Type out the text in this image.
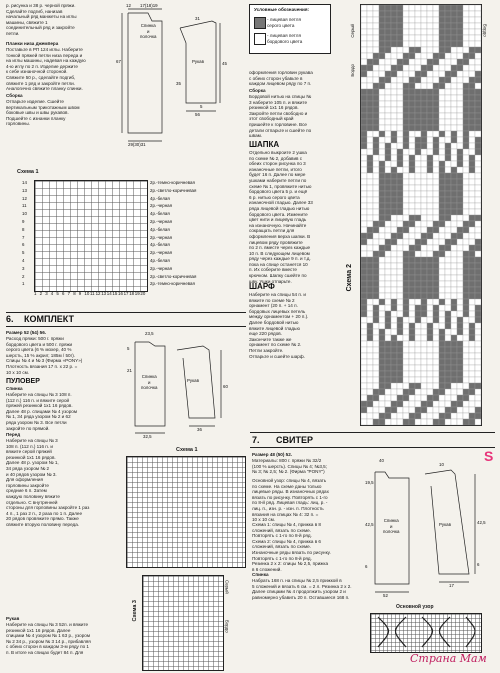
р. рисунка и 38 р. черной пряжи.
Сделайте подгиб, нанизав
начальный ряд манжеты на иглы
машины, свяжите 1
соединительный ряд и закройте
петли.
Планки низа джемпера
Поставьте в РП 124 иглы. Наберите
тонкой пряжей петли низа переда и
на иглы машины, надевая на каждую
4-ю иглу по 2 п. Изделие держите
к себе изнаночной стороной.
Свяжите 50 р., сделайте подгиб,
свяжите 1 ряд и закройте петли.
Аналогично свяжите планку спинки.
Сборка
Отпарьте изделие. Сшейте
вертикальным трикотажным швом
боковые швы и швы рукавов.
Подшейте с изнанки планку
горловины.
12 17(18)19
31
35
5
45
67
29(30)31
56
Спинка
и
полочка
Рукав
Условные обозначения:
- лицевая петля
серого цвета
- лицевая петля
бордового цвета
Схема 1
14
13
12
11
10
9
8
7
6
5
4
3
2
1
1 2 3 4 5 6 7 8 9 10 11 12 13 14 15 16 17 18 19 20
2р.-темно-коричневая
2р.-светло-коричневая
4р.-белая
2р.-черная
4р.-белая
2р.-черная
4р.-белая
2р.-черная
4р.-белая
2р.-черная
4р.-белая
2р.-черная
2р.-светло-коричневая
2р.-темно-коричневая
оформления горловин рукава
с обеих сторон убавьте в
каждом лицевом ряду по 7 п.
Сборка
Бордовой нитью на спицы №
3 наберите 105 п. и вяжите
резинкой 1х1 16 рядов.
Закройте петли свободно и
этот свободный край
пришейте к горловине. Все
детали отпарьте и сшейте по
швам.
ШАПКА
Отдельно выкроите 2 ушка
по схеме № 2, добавив с
обеих сторон рисунка по 3
изнаночные петли, итого
будет 16 п. Далее по мере
ушками наберите петли по
схеме № 1, провяжите нитью
бордового цвета 5 р. и ещё
6 р. нитью серого цвета
изнаночной гладью. Далее 33
ряда лицевой гладью нитью
бордового цвета. Измените
цвет нити и лицевую гладь
на изнаночную. Начинайте
сокращать петли для
оформления верха шапки. В
лицевом ряду провяжите
по 2 п. вместе через каждые
10 п. В следующем лицевом
ряду через каждые 9 п. и т.д.
пока на спице останется 10
п. Их соберите вместе
крючком. Шапку сшейте по
шву. Ушки отпарьте.
ШАРФ
Наберите на спицы 54 п. и
вяжите по схеме № 2
орнамент (20 п. + 14 п.
бордовых лицевых петель
между орнаментом + 20 п.).
Далее бордовой нитью
вяжите лицевой гладью
еще 220 рядов.
Закончите также же
орнамент по схеме № 2.
Петли закройте.
Отпарьте и сшейте шарф.
Серый
Бордо
Бордо
Схема 2
6. КОМПЛЕКТ
Размер 52 (54) 56.
Расход пряжи: 500 г. пряжи
бордового цвета и 500 г. пряжи
серого цвета (6 % мохер, 40 %
шерсть, 15 % акрил; 185м / 50г).
Спицы № 4 и № 3 (Фирма «PONY»)
Плотность вязания 17 п. х 22 р. =
10 х 10 см.
ПУЛОВЕР
Спинка
Наберите на спицы № 3 108 п.
(112 п.) 116 п. и вяжите серой
пряжей резинкой 1х1 16 рядов.
Далее 48 р. спицами № 4 узором
№ 1, 34 ряда узором № 2 и 62
ряда узором № 3. Все петли
закройте по прямой.
Перед
Наберите на спицы № 3
108 п. (112 п.) 116 п. и
вяжите серой пряжей
резинкой 1х1 16 рядов.
Далее 48 р. узором № 1,
34 ряда узором № 2
и 40 рядов узором № 3.
Для оформления
горловины закройте
средние 6 п. Затем
каждую половину вяжите
отдельно. С внутренней
стороны для горловины закройте 1 раз
4 п., 1 раз 2 п., 2 раза по 1 п. Далее
20 рядов провяжите прямо. Также
свяжите вторую половину переда.
Рукав
Наберите на спицы № 3 52п. и вяжите
резинкой 1х1 16 рядов. Далее
спицами № 4 узором № 1 63 р., узором
№ 2 34 р., узором № 3 14 р., прибавляя
с обеих сторон в каждом 3-м ряду по 1
п. В итоге на спицах будет 84 п. Для
23,5
5
21
60
32,5
36
Спинка
и
полочка
Рукав
Схема 1
Схема 3
Серый
Бордо
7. СВИТЕР
S
Размер 48 (50) 52.
Материалы: 800 г. пряжи № 32/2
(100 % шерсть). Спицы № 4; №3,5;
№ 3; № 2,5; № 2. (Фирма "PONY")
Основной узор: спицы № 4, вязать
по схеме. На схеме даны только
лицевые ряды. В изнаночных рядах
вязать по рисунку. Повторять с 1-го
по 8-й ряд. Лицевая гладь: лиц. р. -
лиц. п., изн. р. - изн. п. Плотность
вязания на спицах № 4: 32 п. =
10 х 10 см.
Схема 1: спицы № 4, прижка в 8
сложений, вязать по схеме.
Повторять с 1-го по 8-й ряд.
Схема 2: спицы № 4, прижка в 6
сложений, вязать по схеме.
Изнаночные ряды вязать по рисунку.
Повторять с 1-го по 8-й ряд.
Резинка 2 х 2: спицы № 2,5, прижка
в 6 сложений.
Спинка
Набрать 168 п. на спицы № 2,5 прижкой в
5 сложений и вязать 6 см. = 2 л. Резинка 2 х 2.
Далее спицами № 4 продолжить узором 2 и
равномерно убавить 20 п. Оставшиеся 168 п.
40
19,5
10
6
52
42,5
6
42,5
17
Спинка
и
полочка
Рукав
Основной узор
Страна Мам
